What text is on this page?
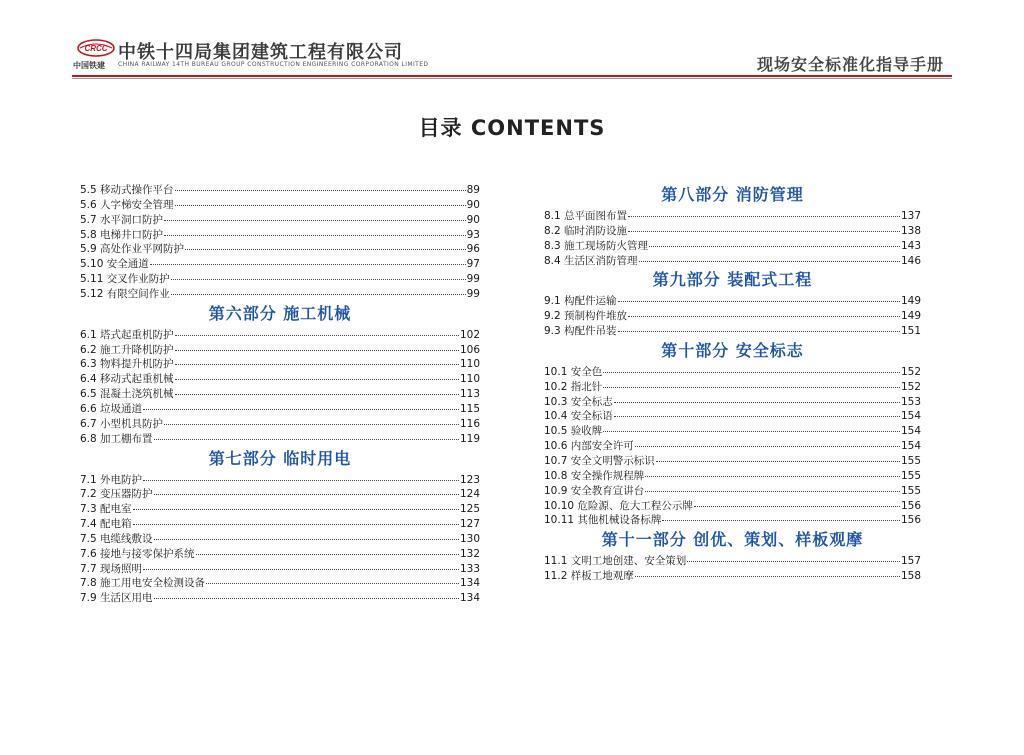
CRCC
中国铁建
中铁十四局集团建筑工程有限公司
CHINA RAILWAY 14TH BUREAU GROUP CONSTRUCTION ENGINEERING CORPORATION LIMITED	现场安全标准化指导手册
目录 CONTENTS
5.5 移动式操作平台	89
5.6 人字梯安全管理	90
5.7 水平洞口防护	90
5.8 电梯井口防护	93
5.9 高处作业平网防护	96
5.10 安全通道	97
5.11 交叉作业防护	99
5.12 有限空间作业	99
第六部分 施工机械
6.1 塔式起重机防护	102
6.2 施工升降机防护	106
6.3 物料提升机防护	110
6.4 移动式起重机械	110
6.5 混凝土浇筑机械	113
6.6 垃圾通道	115
6.7 小型机具防护	116
6.8 加工棚布置	119
第七部分 临时用电
7.1 外电防护	123
7.2 变压器防护	124
7.3 配电室	125
7.4 配电箱	127
7.5 电缆线敷设	130
7.6 接地与接零保护系统	132
7.7 现场照明	133
7.8 施工用电安全检测设备	134
7.9 生活区用电	134
第八部分 消防管理
8.1 总平面图布置	137
8.2 临时消防设施	138
8.3 施工现场防火管理	143
8.4 生活区消防管理	146
第九部分 装配式工程
9.1 构配件运输	149
9.2 预制构件堆放	149
9.3 构配件吊装	151
第十部分 安全标志
10.1 安全色	152
10.2 指北针	152
10.3 安全标志	153
10.4 安全标语	154
10.5 验收牌	154
10.6 内部安全许可	154
10.7 安全文明警示标识	155
10.8 安全操作规程牌	155
10.9 安全教育宣讲台	155
10.10 危险源、危大工程公示牌	156
10.11 其他机械设备标牌	156
第十一部分 创优、策划、样板观摩
11.1 文明工地创建、安全策划	157
11.2 样板工地观摩	158
